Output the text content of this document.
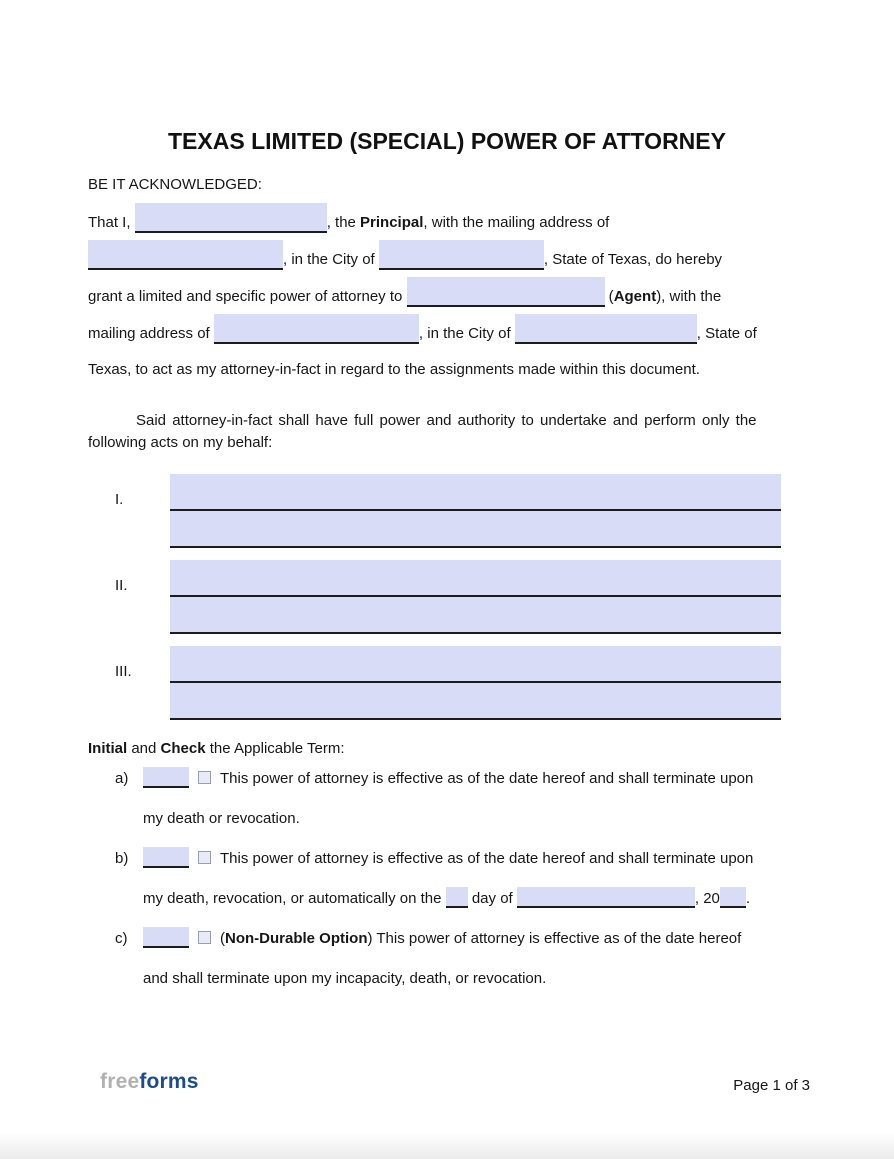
TEXAS LIMITED (SPECIAL) POWER OF ATTORNEY
BE IT ACKNOWLEDGED:
That I,	, the Principal, with the mailing address of
, in the City of	, State of Texas, do hereby
grant a limited and specific power of attorney to	(Agent), with the
mailing address of	, in the City of	, State of
Texas, to act as my attorney-in-fact in regard to the assignments made within this document.
Said attorney-in-fact shall have full power and authority to undertake and perform only the
following acts on my behalf:
I.
II.
III.
Initial and Check the Applicable Term:
a)	This power of attorney is effective as of the date hereof and shall terminate upon
my death or revocation.
b)	This power of attorney is effective as of the date hereof and shall terminate upon
my death, revocation, or automatically on the  day of	, 20 .
c)	(Non-Durable Option) This power of attorney is effective as of the date hereof
and shall terminate upon my incapacity, death, or revocation.
freeforms	Page 1 of 3
